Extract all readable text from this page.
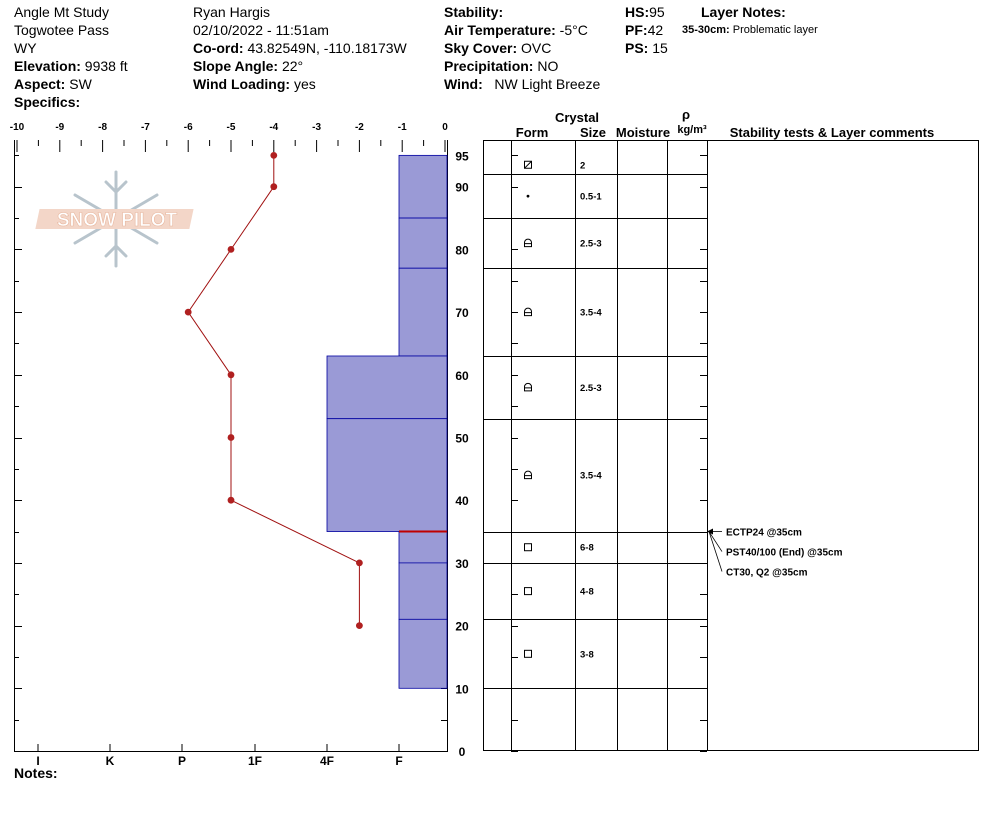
Angle Mt Study
Togwotee Pass
WY
Elevation: 9938 ft
Aspect: SW
Specifics:
Ryan Hargis
02/10/2022 - 11:51am
Co-ord: 43.82549N, -110.18173W
Slope Angle: 22°
Wind Loading: yes
Stability:
Air Temperature: -5°C
Sky Cover: OVC
Precipitation: NO
Wind: NW Light Breeze
HS:95
PF:42
PS: 15
Layer Notes:
35-30cm: Problematic layer
SNOW PILOT
-10	-9	-8	-7	-6	-5	-4	-3	-2	-1	0
0
10
20
30
40
50
60
70
80
90
95
I	K	P	1F	4F	F
Notes:
Crystal
Form Size Moisture
ρ
kg/m³ Stability tests & Layer comments
2
0.5-1
2.5-3
3.5-4
2.5-3
3.5-4
6-8
4-8
3-8
ECTP24 @35cm
PST40/100 (End) @35cm
CT30, Q2 @35cm
